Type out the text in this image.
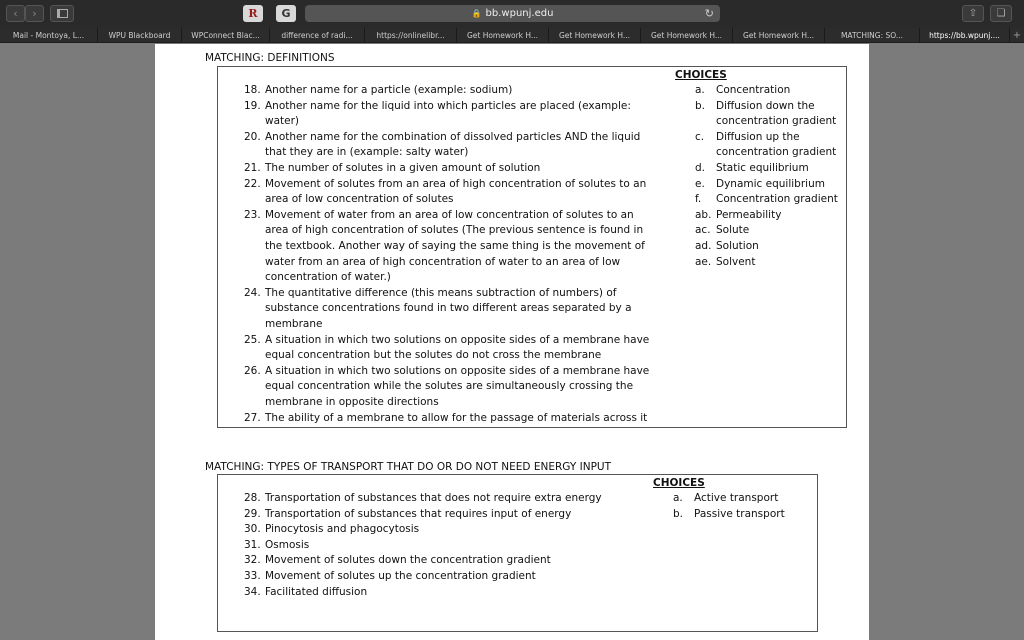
‹	›	R	G	🔒 bb.wpunj.edu	↻	⇧	❏
Mail - Montoya, L...	WPU Blackboard	WPConnect Blac...	difference of radi...	https://onlinelibr...	Get Homework H...	Get Homework H...	Get Homework H...	Get Homework H...	MATCHING: SO...	https://bb.wpunj....	+
MATCHING: DEFINITIONS
CHOICES
18. Another name for a particle (example: sodium)
19. Another name for the liquid into which particles are placed (example:
water)
20. Another name for the combination of dissolved particles AND the liquid
that they are in (example: salty water)
21. The number of solutes in a given amount of solution
22. Movement of solutes from an area of high concentration of solutes to an
area of low concentration of solutes
23. Movement of water from an area of low concentration of solutes to an
area of high concentration of solutes (The previous sentence is found in
the textbook. Another way of saying the same thing is the movement of
water from an area of high concentration of water to an area of low
concentration of water.)
24. The quantitative difference (this means subtraction of numbers) of
substance concentrations found in two different areas separated by a
membrane
25. A situation in which two solutions on opposite sides of a membrane have
equal concentration but the solutes do not cross the membrane
26. A situation in which two solutions on opposite sides of a membrane have
equal concentration while the solutes are simultaneously crossing the
membrane in opposite directions
27. The ability of a membrane to allow for the passage of materials across it
a. Concentration
b. Diffusion down the
concentration gradient
c. Diffusion up the
concentration gradient
d. Static equilibrium
e. Dynamic equilibrium
f. Concentration gradient
ab. Permeability
ac. Solute
ad. Solution
ae. Solvent
MATCHING: TYPES OF TRANSPORT THAT DO OR DO NOT NEED ENERGY INPUT
CHOICES
28. Transportation of substances that does not require extra energy
29. Transportation of substances that requires input of energy
30. Pinocytosis and phagocytosis
31. Osmosis
32. Movement of solutes down the concentration gradient
33. Movement of solutes up the concentration gradient
34. Facilitated diffusion
a. Active transport
b. Passive transport
